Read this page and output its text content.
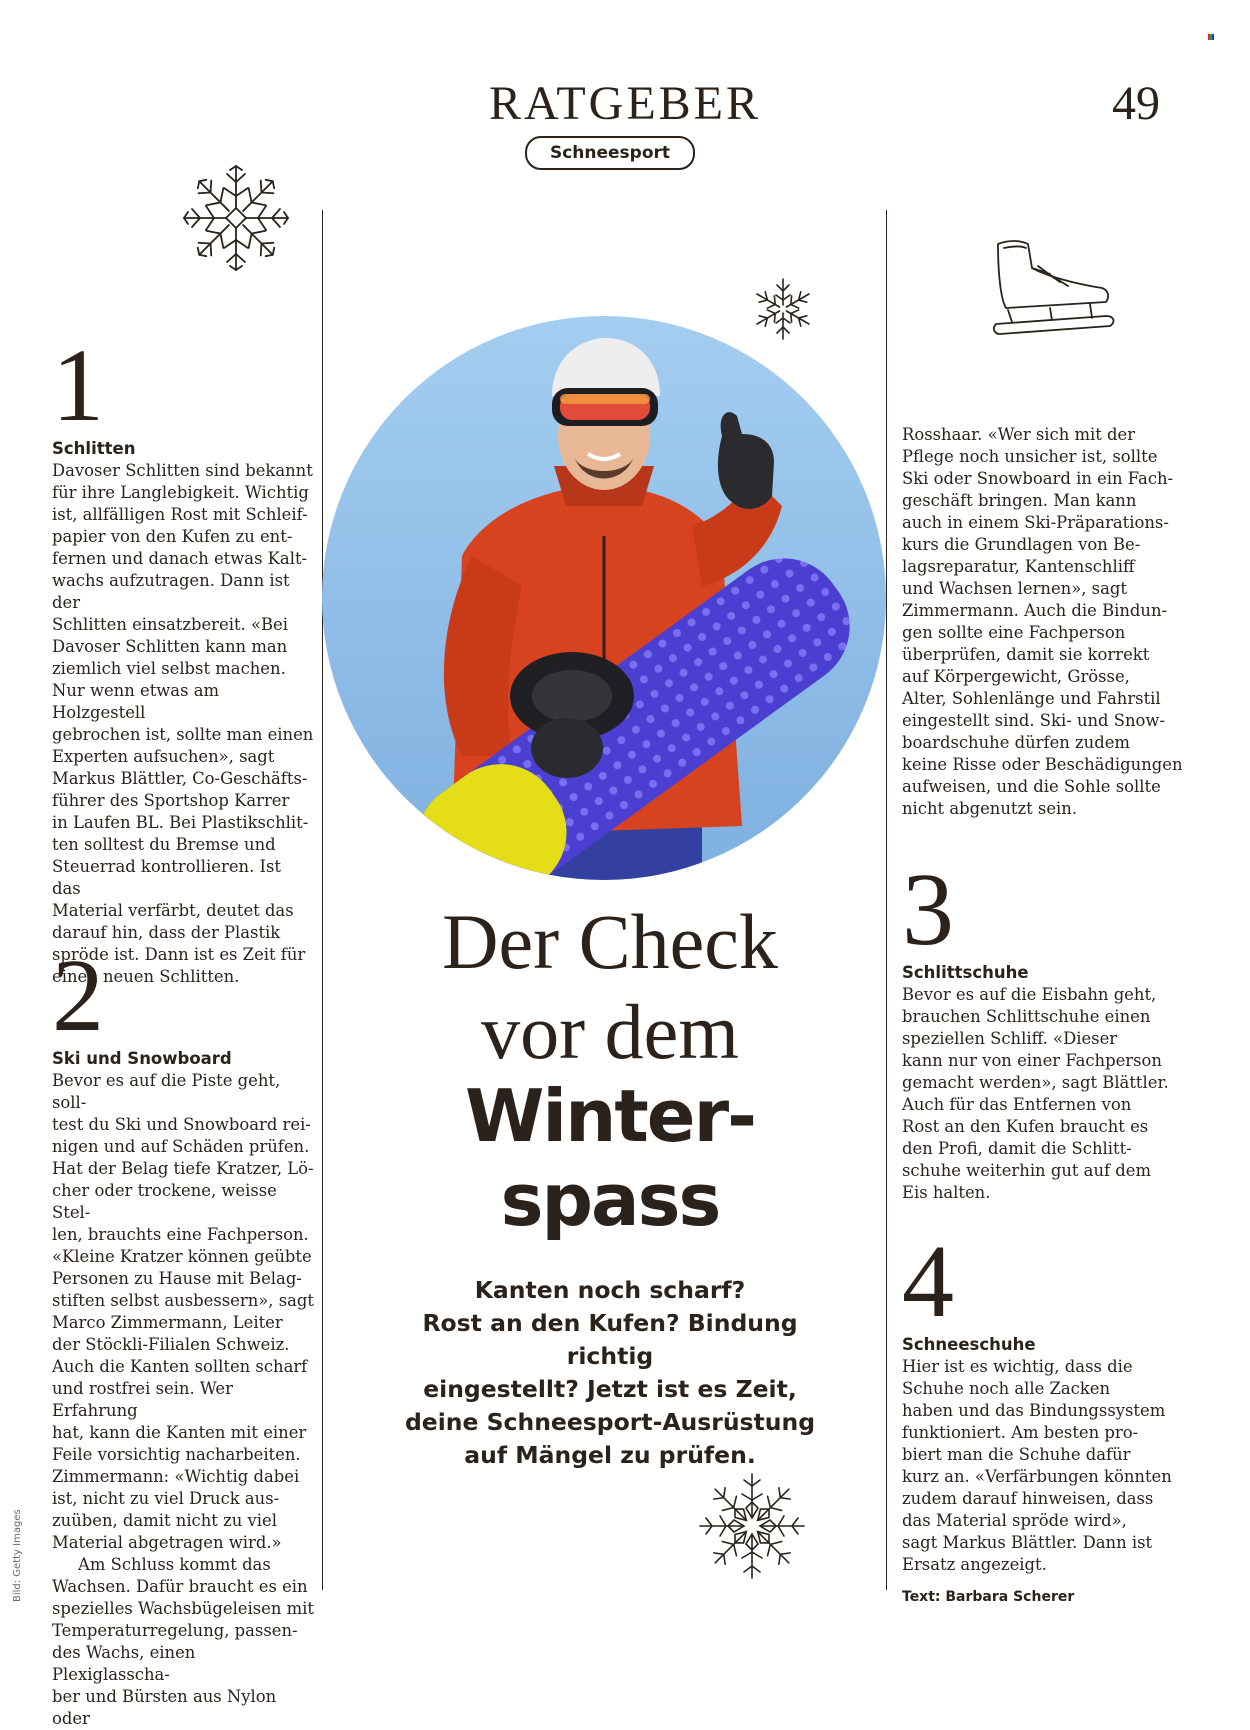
RATGEBER
Schneesport
49
1
Schlitten

Davoser Schlitten sind bekannt
für ihre Langlebigkeit. Wichtig
ist, allfälligen Rost mit Schleif-
papier von den Kufen zu ent-
fernen und danach etwas Kalt-
wachs aufzutragen. Dann ist der
Schlitten einsatzbereit. «Bei
Davoser Schlitten kann man
ziemlich viel selbst machen.
Nur wenn etwas am Holzgestell
gebrochen ist, sollte man einen
Experten aufsuchen», sagt
Markus Blättler, Co-Geschäfts-
führer des Sportshop Karrer
in Laufen BL. Bei Plastikschlit-
ten solltest du Bremse und
Steuerrad kontrollieren. Ist das
Material verfärbt, deutet das
darauf hin, dass der Plastik
spröde ist. Dann ist es Zeit für
einen neuen Schlitten.

2
Ski und Snowboard

Bevor es auf die Piste geht, soll-
test du Ski und Snowboard rei-
nigen und auf Schäden prüfen.
Hat der Belag tiefe Kratzer, Lö-
cher oder trockene, weisse Stel-
len, brauchts eine Fachperson.
«Kleine Kratzer können geübte
Personen zu Hause mit Belag-
stiften selbst ausbessern», sagt
Marco Zimmermann, Leiter
der Stöckli-Filialen Schweiz.
Auch die Kanten sollten scharf
und rostfrei sein. Wer Erfahrung
hat, kann die Kanten mit einer
Feile vorsichtig nacharbeiten.
Zimmermann: «Wichtig dabei
ist, nicht zu viel Druck aus-
zuüben, damit nicht zu viel
Material abgetragen wird.»

Am Schluss kommt das
Wachsen. Dafür braucht es ein
spezielles Wachsbügeleisen mit
Temperaturregelung, passen-
des Wachs, einen Plexiglasscha-
ber und Bürsten aus Nylon oder

Bild: Getty Images
Der Check
vor dem
Winter-
spass
Kanten noch scharf?
Rost an den Kufen? Bindung richtig
eingestellt? Jetzt ist es Zeit,
deine Schneesport-Ausrüstung
auf Mängel zu prüfen.

Rosshaar. «Wer sich mit der
Pflege noch unsicher ist, sollte
Ski oder Snowboard in ein Fach-
geschäft bringen. Man kann
auch in einem Ski-Präparations-
kurs die Grundlagen von Be-
lagsreparatur, Kantenschliff
und Wachsen lernen», sagt
Zimmermann. Auch die Bindun-
gen sollte eine Fachperson
überprüfen, damit sie korrekt
auf Körpergewicht, Grösse,
Alter, Sohlenlänge und Fahrstil
eingestellt sind. Ski- und Snow-
boardschuhe dürfen zudem
keine Risse oder Beschädigungen
aufweisen, und die Sohle sollte
nicht abgenutzt sein.

3
Schlittschuhe

Bevor es auf die Eisbahn geht,
brauchen Schlittschuhe einen
speziellen Schliff. «Dieser
kann nur von einer Fachperson
gemacht werden», sagt Blättler.
Auch für das Entfernen von
Rost an den Kufen braucht es
den Profi, damit die Schlitt-
schuhe weiterhin gut auf dem
Eis halten.

4
Schneeschuhe

Hier ist es wichtig, dass die
Schuhe noch alle Zacken
haben und das Bindungssystem
funktioniert. Am besten pro-
biert man die Schuhe dafür
kurz an. «Verfärbungen könnten
zudem darauf hinweisen, dass
das Material spröde wird»,
sagt Markus Blättler. Dann ist
Ersatz angezeigt.

Text: Barbara Scherer
